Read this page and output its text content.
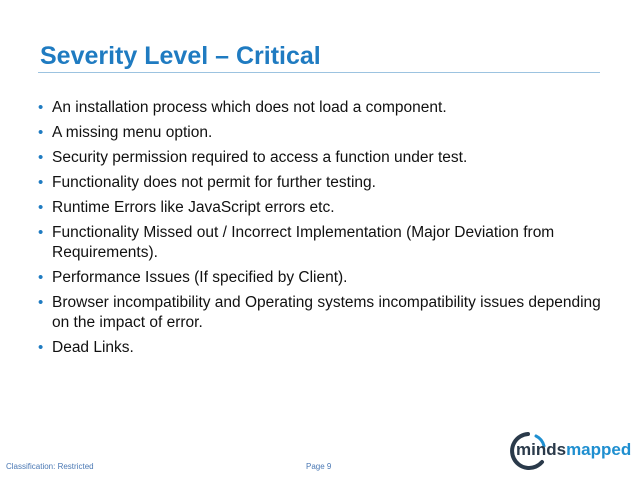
Severity Level – Critical
• An installation process which does not load a component.
• A missing menu option.
• Security permission required to access a function under test.
• Functionality does not permit for further testing.
• Runtime Errors like JavaScript errors etc.
• Functionality Missed out / Incorrect Implementation (Major Deviation from Requirements).
• Performance Issues (If specified by Client).
• Browser incompatibility and Operating systems incompatibility issues depending on the impact of error.
• Dead Links.
Classification: Restricted	Page 9
mindsmapped
